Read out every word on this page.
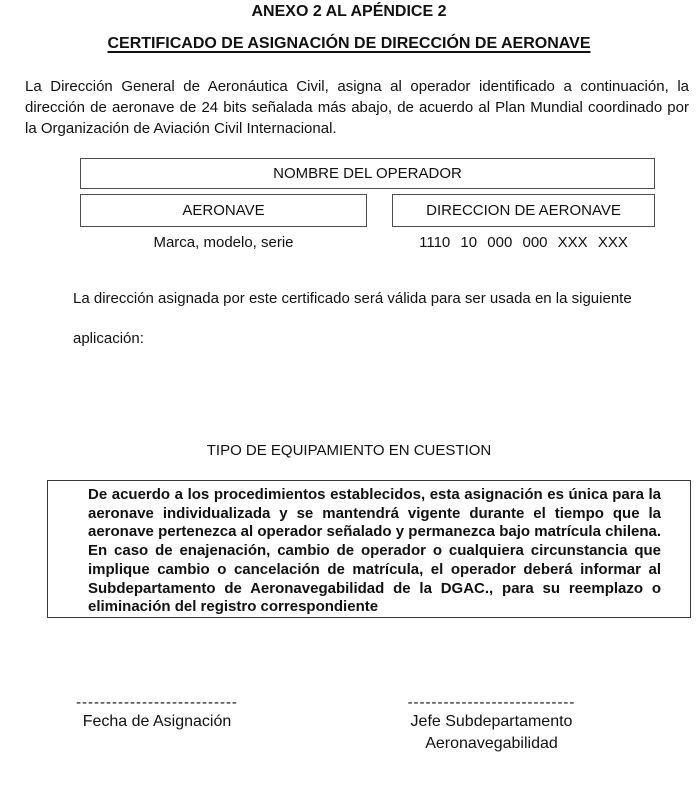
ANEXO 2 AL APÉNDICE 2
CERTIFICADO DE ASIGNACIÓN DE DIRECCIÓN DE AERONAVE

La Dirección General de Aeronáutica Civil, asigna al operador identificado a continuación, la dirección de aeronave de 24 bits señalada más abajo, de acuerdo al Plan Mundial coordinado por la Organización de Aviación Civil Internacional.

NOMBRE DEL OPERADOR
AERONAVE	DIRECCION DE AERONAVE
Marca, modelo, serie	1110 10 000 000 XXX XXX
La dirección asignada por este certificado será válida para ser usada en la siguiente
aplicación:
TIPO DE EQUIPAMIENTO EN CUESTION

De acuerdo a los procedimientos establecidos, esta asignación es única para la aeronave individualizada y se mantendrá vigente durante el tiempo que la aeronave pertenezca al operador señalado y permanezca bajo matrícula chilena. En caso de enajenación, cambio de operador o cualquiera circunstancia que implique cambio o cancelación de matrícula, el operador deberá informar al Subdepartamento de Aeronavegabilidad de la DGAC., para su reemplazo o eliminación del registro correspondiente

---------------------------
Fecha de Asignación
----------------------------
Jefe Subdepartamento
Aeronavegabilidad
